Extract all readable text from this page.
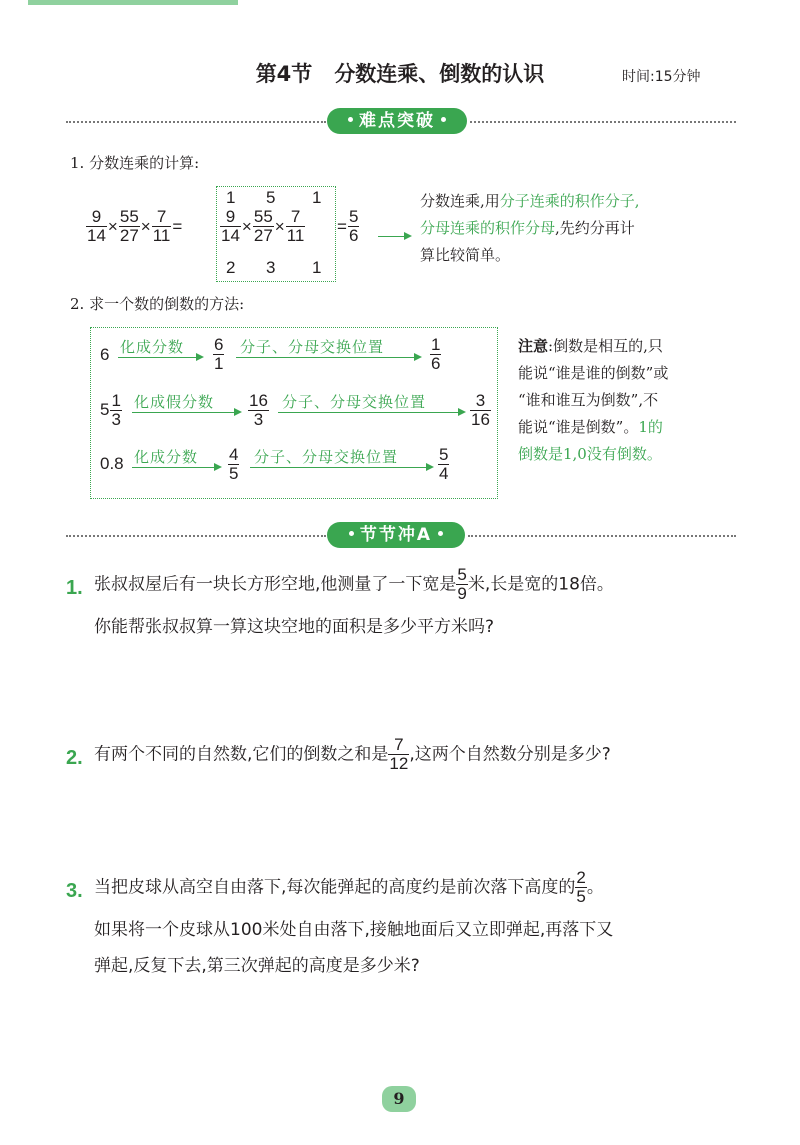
第4节 分数连乘、倒数的认识	时间:15分钟
难点突破
1. 分数连乘的计算:
$\frac{9}{14} \times \frac{55}{27} \times \frac{7}{11}$ =
1 5 1
$\frac{9}{14} \times \frac{55}{27} \times \frac{7}{11}$
2 3 1
= $\frac{5}{6}$
分数连乘,用分子连乘的积作分子,
分母连乘的积作分母,先约分再计
算比较简单。
2. 求一个数的倒数的方法:
6 化成分数 $\frac{6}{1}$ 分子、分母交换位置	$\frac{1}{6}$
$5 \frac{1}{3}$ 化成假分数 $\frac{16}{3}$ 分子、分母交换位置	$\frac{3}{16}$
0.8 化成分数 $\frac{4}{5}$ 分子、分母交换位置 $\frac{5}{4}$
注意:倒数是相互的,只
能说“谁是谁的倒数”或
“谁和谁互为倒数”,不
能说“谁是倒数”。1的
倒数是1,0没有倒数。
节节冲A
1. 张叔叔屋后有一块长方形空地,他测量了一下宽是 $\frac{5}{9}$ 米,长是宽的18倍。
你能帮张叔叔算一算这块空地的面积是多少平方米吗?
2. 有两个不同的自然数,它们的倒数之和是 $\frac{7}{12}$ ,这两个自然数分别是多少?
3. 当把皮球从高空自由落下,每次能弹起的高度约是前次落下高度的 $\frac{2}{5}$ 。
如果将一个皮球从100米处自由落下,接触地面后又立即弹起,再落下又
弹起,反复下去,第三次弹起的高度是多少米?
9
